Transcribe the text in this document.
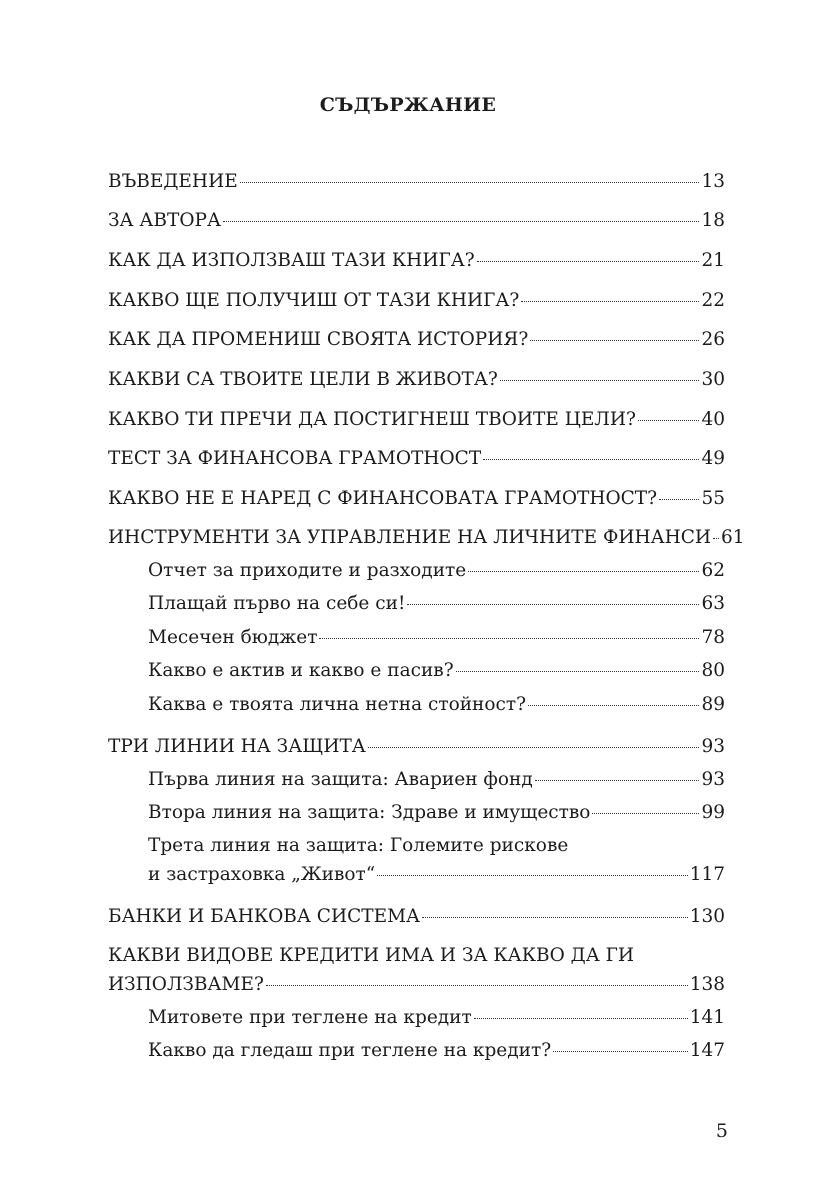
СЪДЪРЖАНИЕ
ВЪВЕДЕНИЕ	13
ЗА АВТОРА	18
КАК ДА ИЗПОЛЗВАШ ТАЗИ КНИГА?	21
КАКВО ЩЕ ПОЛУЧИШ ОТ ТАЗИ КНИГА?	22
КАК ДА ПРОМЕНИШ СВОЯТА ИСТОРИЯ?	26
КАКВИ СА ТВОИТЕ ЦЕЛИ В ЖИВОТА?	30
КАКВО ТИ ПРЕЧИ ДА ПОСТИГНЕШ ТВОИТЕ ЦЕЛИ?	40
ТЕСТ ЗА ФИНАНСОВА ГРАМОТНОСТ	49
КАКВО НЕ Е НАРЕД С ФИНАНСОВАТА ГРАМОТНОСТ? 55
ИНСТРУМЕНТИ ЗА УПРАВЛЕНИЕ НА ЛИЧНИТЕ ФИНАНСИ 61
Отчет за приходите и разходите	62
Плащай първо на себе си!	63
Месечен бюджет	78
Какво е актив и какво е пасив?	80
Каква е твоята лична нетна стойност?	89
ТРИ ЛИНИИ НА ЗАЩИТА	93
Първа линия на защита: Авариен фонд	93
Втора линия на защита: Здраве и имущество	99
Трета линия на защита: Големите рискове
и застраховка „Живот“	117
БАНКИ И БАНКОВА СИСТЕМА	130
КАКВИ ВИДОВЕ КРЕДИТИ ИМА И ЗА КАКВО ДА ГИ
ИЗПОЛЗВАМЕ?	138
Митовете при теглене на кредит	141
Какво да гледаш при теглене на кредит?	147
5
